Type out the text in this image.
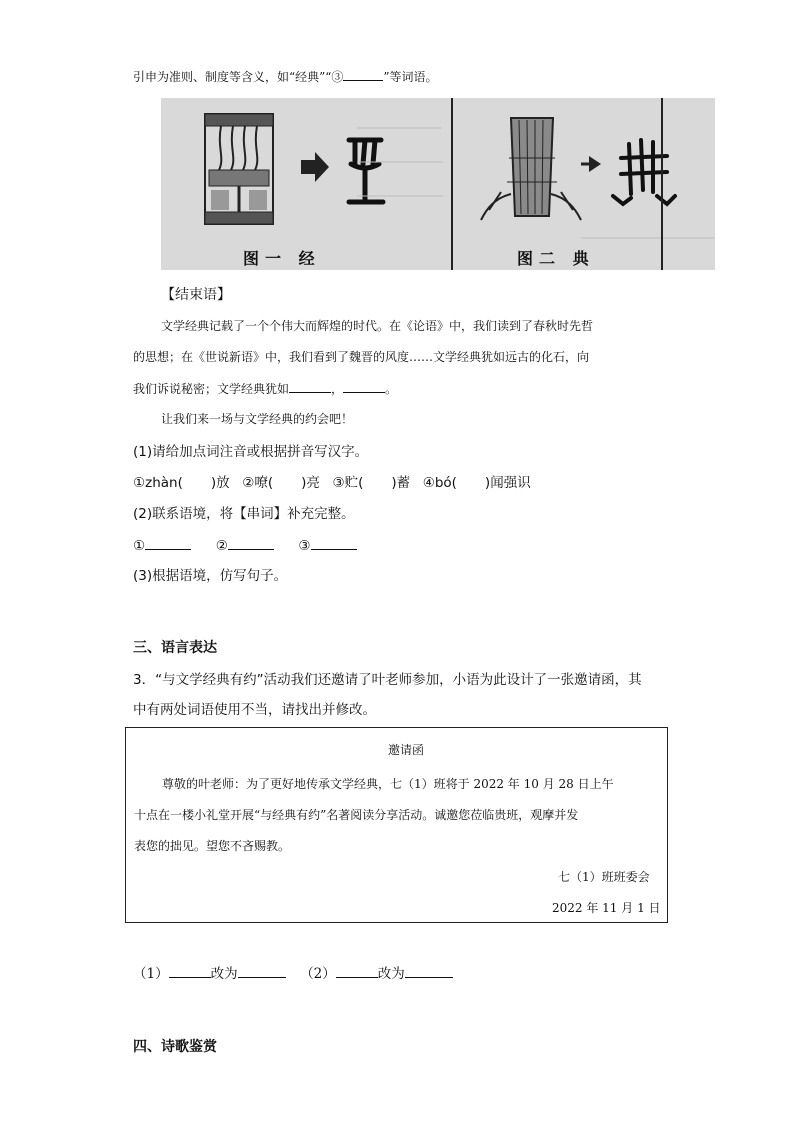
引申为准则、制度等含义，如“经典”“③	”等词语。
图一 经	图二 典
【结束语】
文学经典记载了一个个伟大而辉煌的时代。在《论语》中，我们读到了春秋时先哲
的思想；在《世说新语》中，我们看到了魏晋的风度……文学经典犹如远古的化石，向
我们诉说秘密；文学经典犹如	，	。
让我们来一场与文学经典的约会吧！
(1)请给加点词注音或根据拼音写汉字。
①zhàn( )放 ②嘹( )亮 ③贮( )蓄 ④bó( )闻强识
(2)联系语境，将【串词】补充完整。
①	②	③
(3)根据语境，仿写句子。
三、语言表达
3．“与文学经典有约”活动我们还邀请了叶老师参加，小语为此设计了一张邀请函，其
中有两处词语使用不当，请找出并修改。
邀请函
尊敬的叶老师：为了更好地传承文学经典，七（1）班将于 2022 年 10 月 28 日上午
十点在一楼小礼堂开展“与经典有约”名著阅读分享活动。诚邀您莅临贵班，观摩并发
表您的拙见。望您不吝赐教。
七（1）班班委会
2022 年 11 月 1 日
（1）	改为	（2）	改为
四、诗歌鉴赏
